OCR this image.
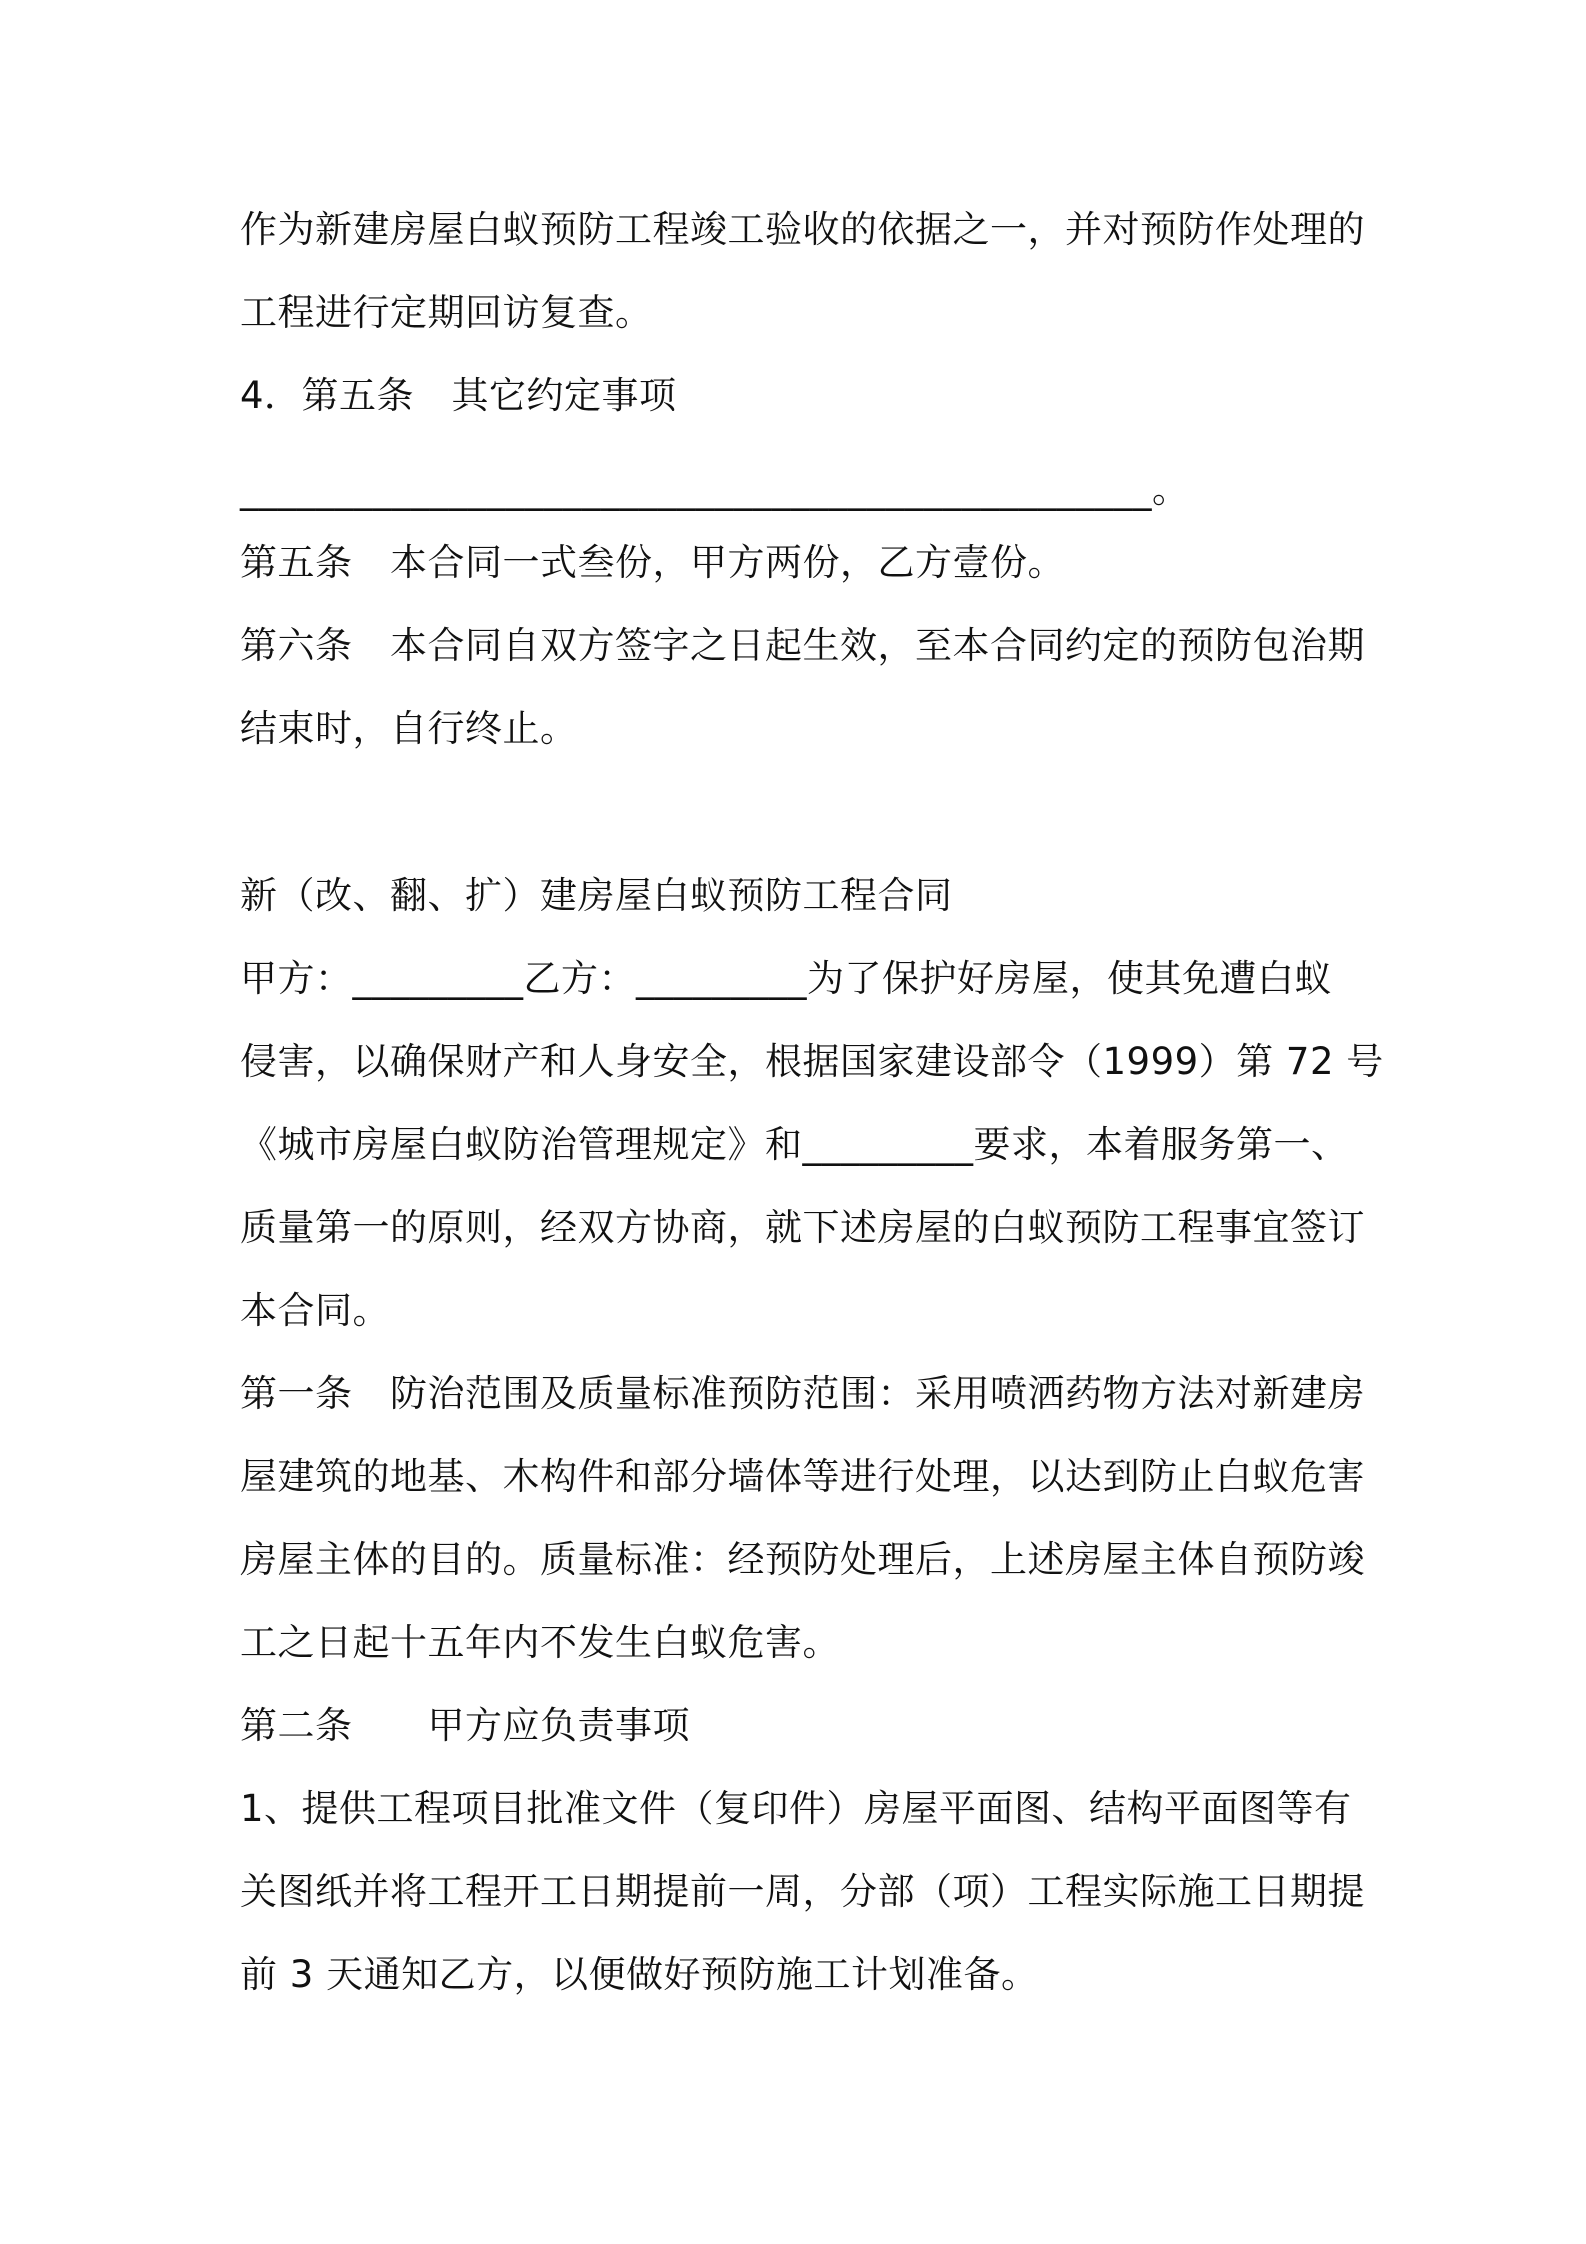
作为新建房屋白蚁预防工程竣工验收的依据之一，并对预防作处理的
工程进行定期回访复查。
4．第五条　其它约定事项
________________________________________________。
第五条　本合同一式叁份，甲方两份，乙方壹份。
第六条　本合同自双方签字之日起生效，至本合同约定的预防包治期
结束时，自行终止。
新（改、翻、扩）建房屋白蚁预防工程合同
甲方：_________乙方：_________为了保护好房屋，使其免遭白蚁
侵害，以确保财产和人身安全，根据国家建设部令（1999）第 72 号
《城市房屋白蚁防治管理规定》和_________要求，本着服务第一、
质量第一的原则，经双方协商，就下述房屋的白蚁预防工程事宜签订
本合同。
第一条　防治范围及质量标准预防范围：采用喷洒药物方法对新建房
屋建筑的地基、木构件和部分墙体等进行处理，以达到防止白蚁危害
房屋主体的目的。质量标准：经预防处理后，上述房屋主体自预防竣
工之日起十五年内不发生白蚁危害。
第二条　　甲方应负责事项
1、提供工程项目批准文件（复印件）房屋平面图、结构平面图等有
关图纸并将工程开工日期提前一周，分部（项）工程实际施工日期提
前 3 天通知乙方，以便做好预防施工计划准备。
